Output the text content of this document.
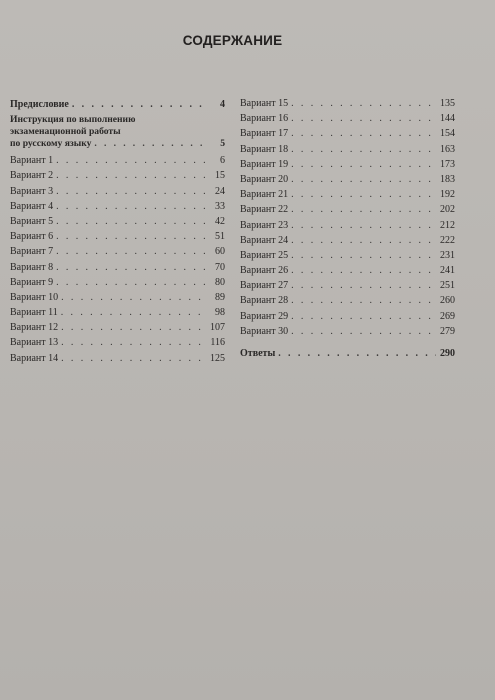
СОДЕРЖАНИЕ
Предисловие . . .	4
Инструкция по выполнению
экзаменационной работы
по русскому языку . . .	5
Вариант 1 . . .	6
Вариант 2 . . .	15
Вариант 3 . . .	24
Вариант 4 . . .	33
Вариант 5 . . .	42
Вариант 6 . . .	51
Вариант 7 . . .	60
Вариант 8 . . .	70
Вариант 9 . . .	80
Вариант 10 . . .	89
Вариант 11 . . .	98
Вариант 12 . . .	107
Вариант 13 . . .	116
Вариант 14 . . .	125
Вариант 15 . . .	135
Вариант 16 . . .	144
Вариант 17 . . .	154
Вариант 18 . . .	163
Вариант 19 . . .	173
Вариант 20 . . .	183
Вариант 21 . . .	192
Вариант 22 . . .	202
Вариант 23 . . .	212
Вариант 24 . . .	222
Вариант 25 . . .	231
Вариант 26 . . .	241
Вариант 27 . . .	251
Вариант 28 . . .	260
Вариант 29 . . .	269
Вариант 30 . . .	279
Ответы . . .	290
